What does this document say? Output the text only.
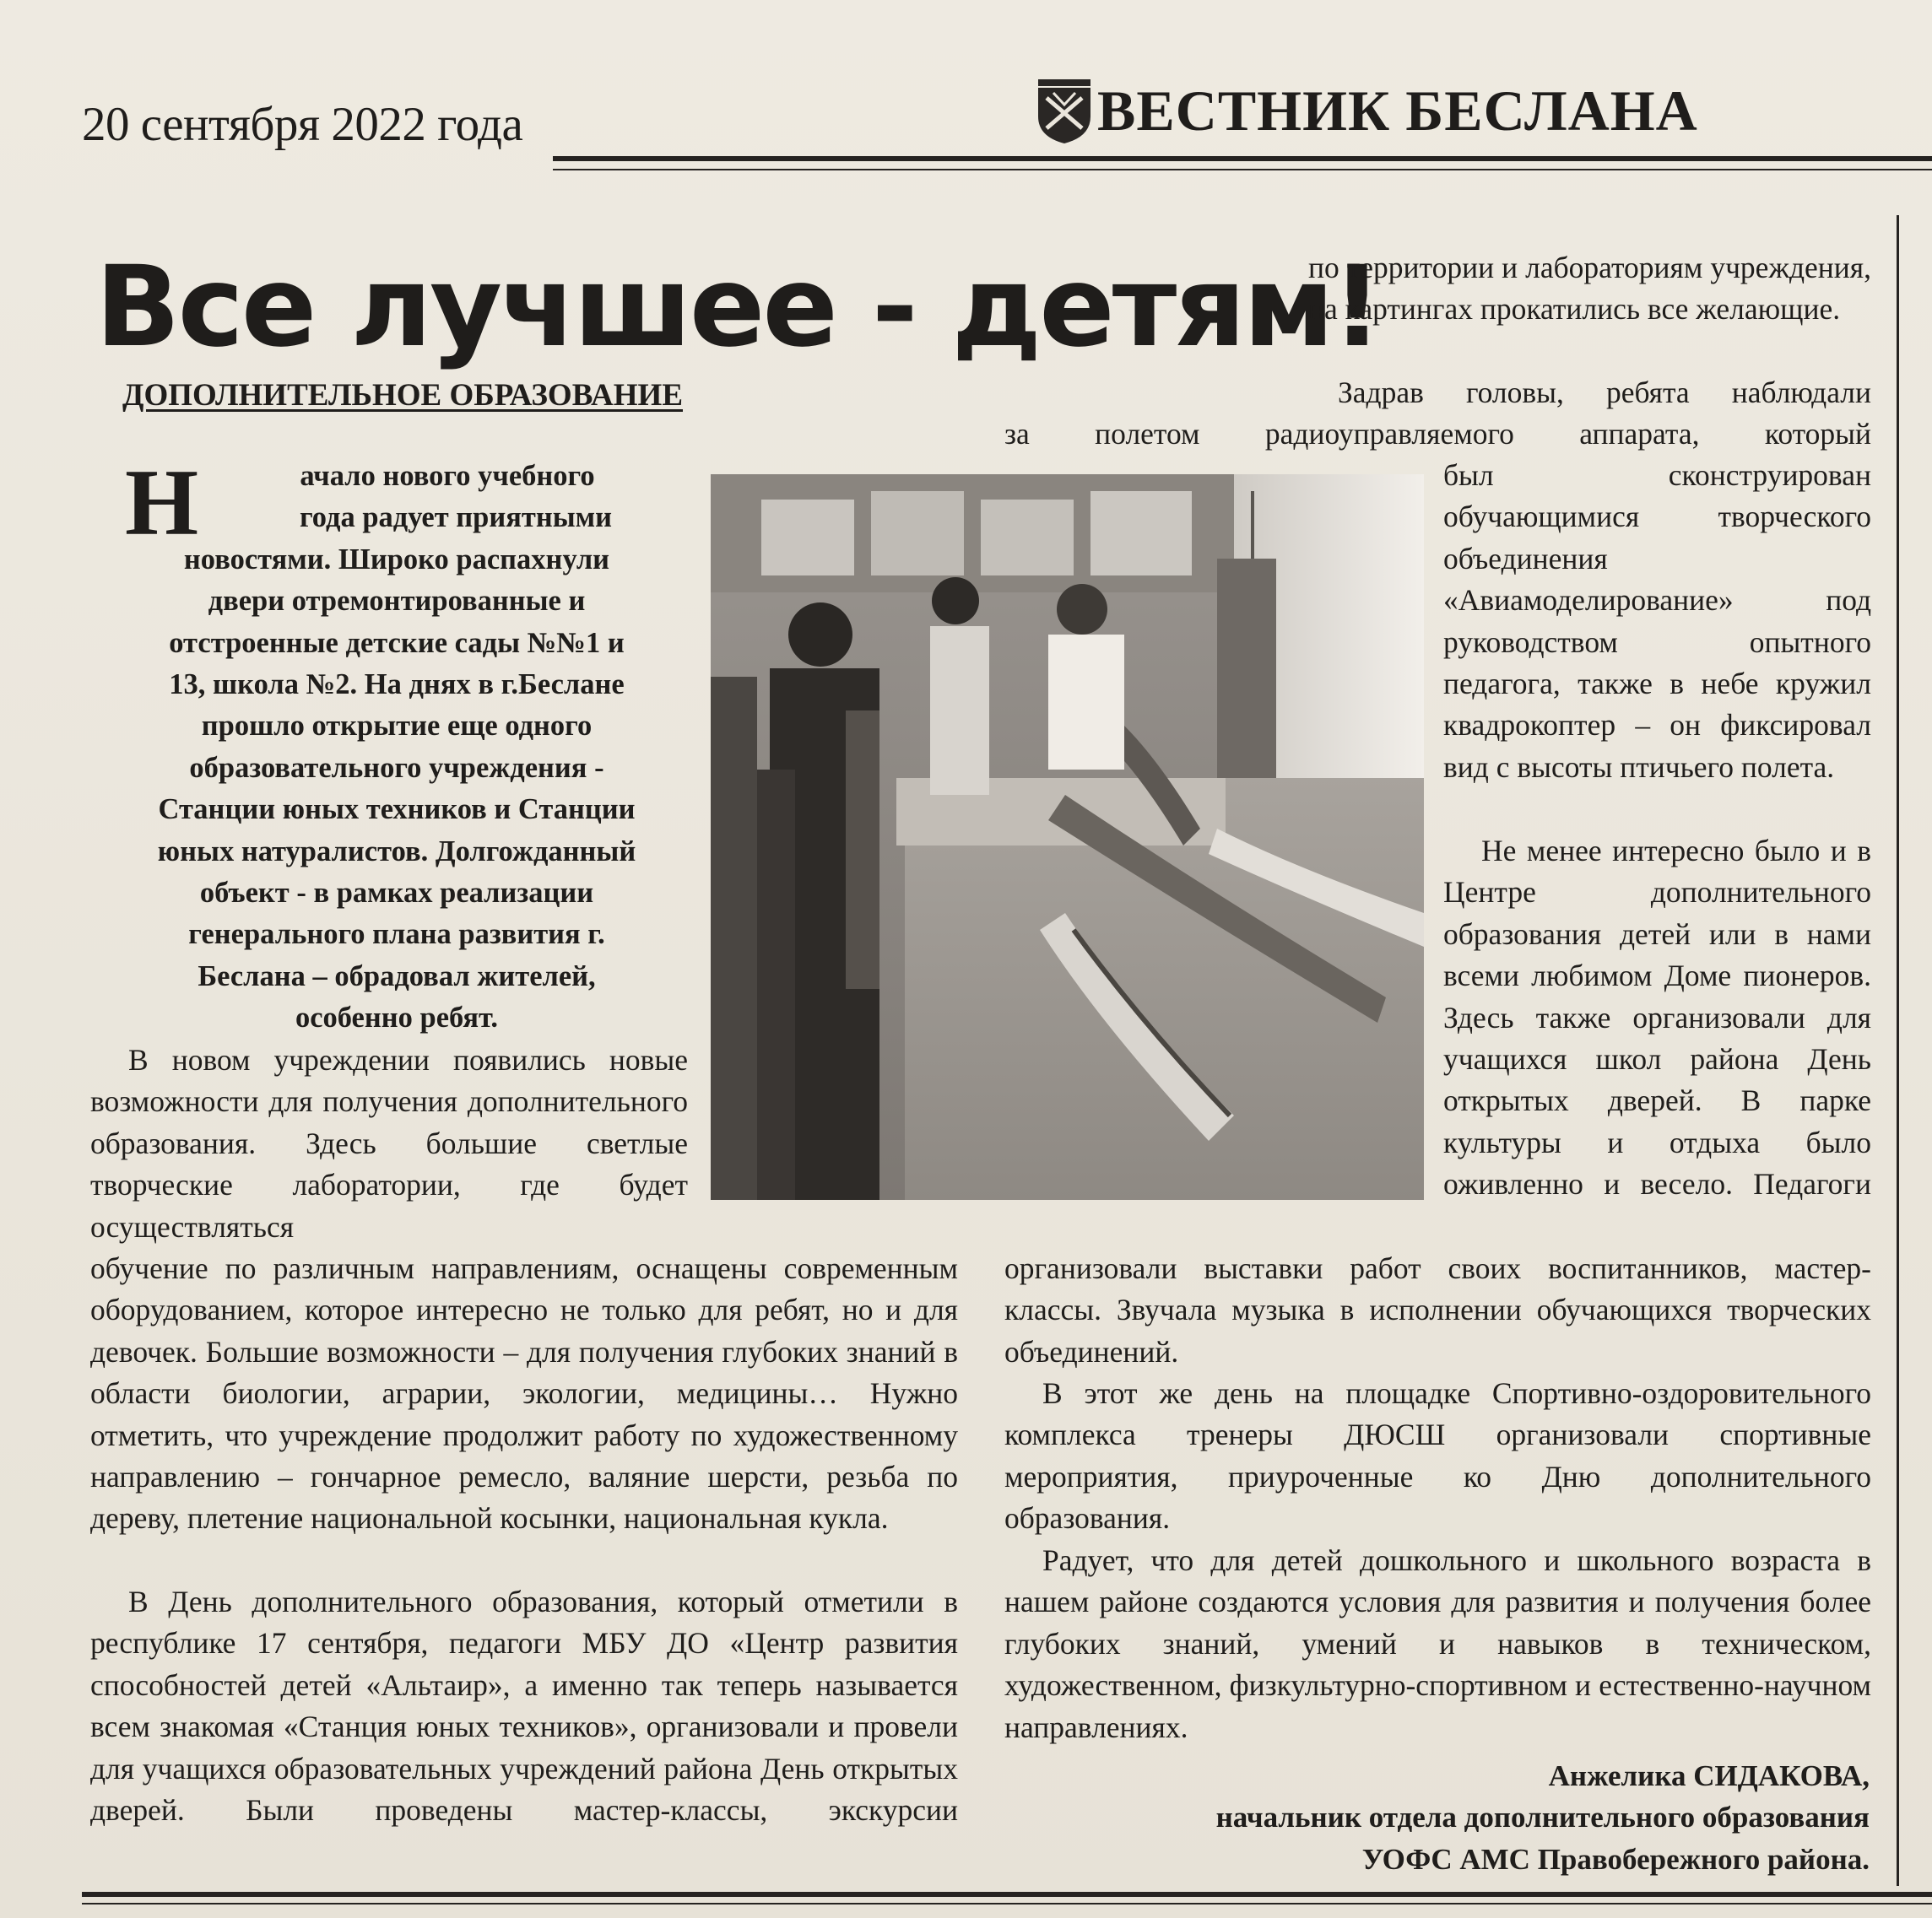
20 сентября 2022 года	ВЕСТНИК БЕСЛАНА
Все лучшее - детям!
ДОПОЛНИТЕЛЬНОЕ ОБРАЗОВАНИЕ
Н	ачало нового учебного
года радует приятными
новостями. Широко распахнули
двери отремонтированные и
отстроенные детские сады №№1 и
13, школа №2. На днях в г.Беслане
прошло открытие еще одного
образовательного учреждения -
Станции юных техников и Станции
юных натуралистов. Долгожданный
объект - в рамках реализации
генерального плана развития г.
Беслана – обрадовал жителей,
особенно ребят.

В новом учреждении появились новые возможности для получения дополнительного образования. Здесь большие светлые творческие лаборатории, где будет осуществляться

обучение по различным направлениям, оснащены современным оборудованием, которое интересно не только для ребят, но и для девочек. Большие возможности – для получения глубоких знаний в области биологии, аграрии, экологии, медицины… Нужно отметить, что учреждение продолжит работу по художественному направлению – гончарное ремесло, валяние шерсти, резьба по дереву, плетение национальной косынки, национальная кукла.

В День дополнительного образования, который отметили в республике 17 сентября, педагоги МБУ ДО «Центр развития способностей детей «Альтаир», а именно так теперь называется всем знакомая «Станция юных техников», организовали и провели для учащихся образовательных учреждений района День открытых дверей. Были проведены мастер-классы, экскурсии

по территории и лабораториям учреждения, на картингах прокатились все желающие.

Задрав головы, ребята наблюдали

за полетом радиоуправляемого аппарата, который

был сконструирован обучающимися творческого объединения «Авиамоделирование» под руководством опытного педагога, также в небе кружил квадрокоптер – он фиксировал вид с высоты птичьего полета.

Не менее интересно было и в Центре дополнительного образования детей или в нами всеми любимом Доме пионеров. Здесь также организовали для учащихся школ района День открытых дверей. В парке культуры и отдыха было оживленно и весело. Педагоги

организовали выставки работ своих воспитанников, мастер-классы. Звучала музыка в исполнении обучающихся творческих объединений.

В этот же день на площадке Спортивно-оздоровительного комплекса тренеры ДЮСШ организовали спортивные мероприятия, приуроченные ко Дню дополнительного образования.

Радует, что для детей дошкольного и школьного возраста в нашем районе создаются условия для развития и получения более глубоких знаний, умений и навыков в техническом, художественном, физкультурно-спортивном и естественно-научном направлениях.

Анжелика СИДАКОВА,
начальник отдела дополнительного образования
УОФС АМС Правобережного района.
